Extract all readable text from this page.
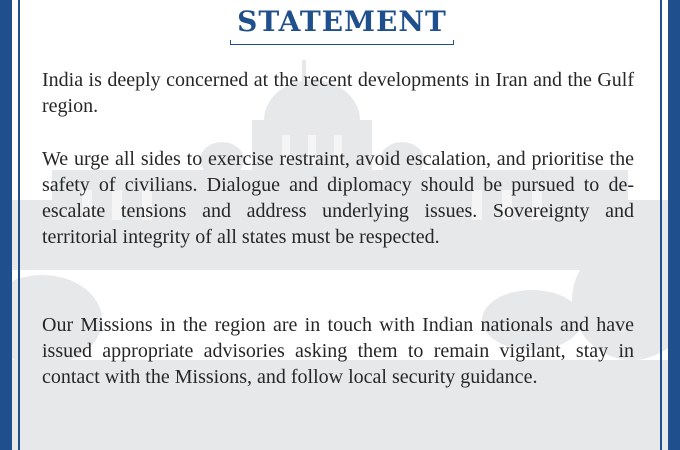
STATEMENT

India is deeply concerned at the recent developments in Iran and the Gulf region.

We urge all sides to exercise restraint, avoid escalation, and prioritise the safety of civilians. Dialogue and diplomacy should be pursued to de-escalate tensions and address underlying issues. Sovereignty and territorial integrity of all states must be respected.

Our Missions in the region are in touch with Indian nationals and have issued appropriate advisories asking them to remain vigilant, stay in contact with the Missions, and follow local security guidance.
